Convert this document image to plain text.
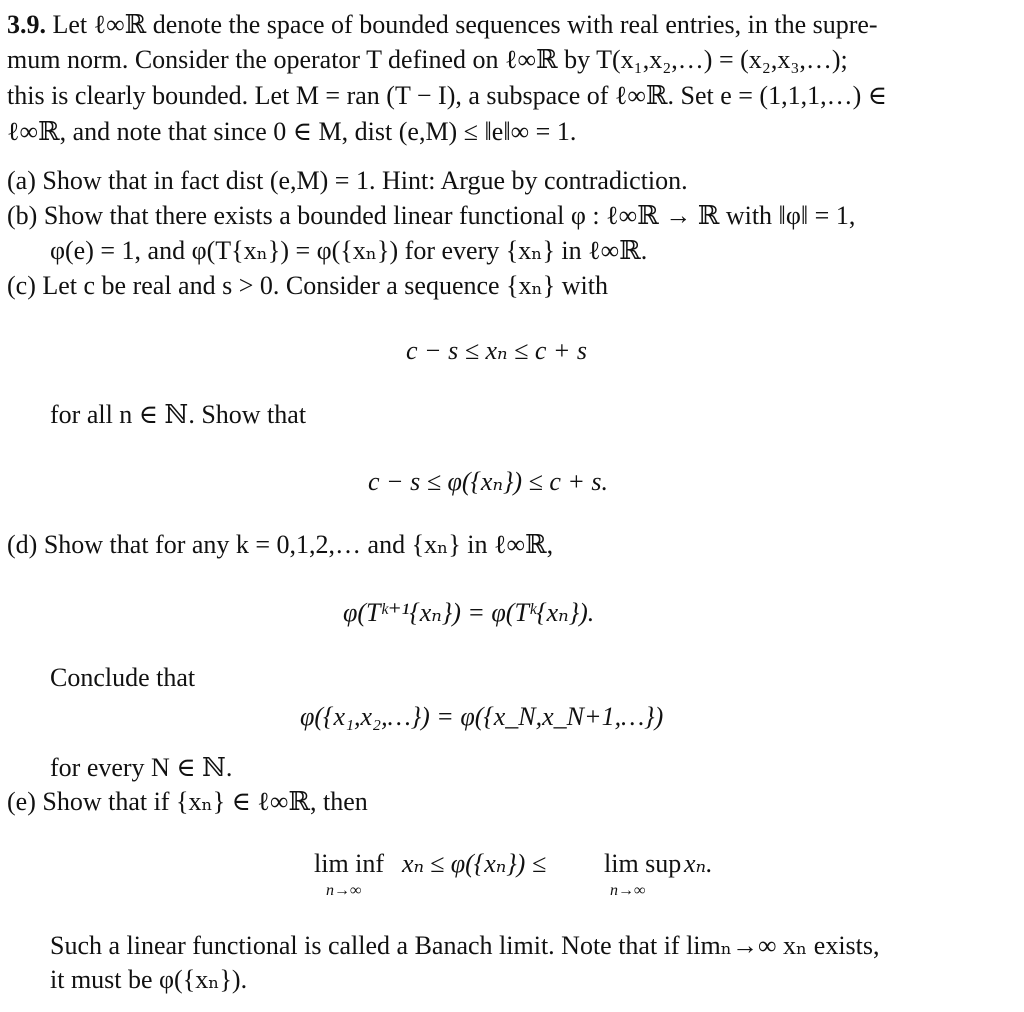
3.9. Let ℓ∞ℝ denote the space of bounded sequences with real entries, in the supre-
mum norm. Consider the operator T defined on ℓ∞ℝ by T(x₁,x₂,…) = (x₂,x₃,…);
this is clearly bounded. Let M = ran (T − I), a subspace of ℓ∞ℝ. Set e = (1,1,1,…) ∈
ℓ∞ℝ, and note that since 0 ∈ M, dist (e,M) ≤ ‖e‖∞ = 1.
(a) Show that in fact dist (e,M) = 1. Hint: Argue by contradiction.
(b) Show that there exists a bounded linear functional φ : ℓ∞ℝ → ℝ with ‖φ‖ = 1,
φ(e) = 1, and φ(T{xₙ}) = φ({xₙ}) for every {xₙ} in ℓ∞ℝ.
(c) Let c be real and s > 0. Consider a sequence {xₙ} with
c − s ≤ xₙ ≤ c + s
for all n ∈ ℕ. Show that
c − s ≤ φ({xₙ}) ≤ c + s.
(d) Show that for any k = 0,1,2,… and {xₙ} in ℓ∞ℝ,
φ(Tᵏ⁺¹{xₙ}) = φ(Tᵏ{xₙ}).
Conclude that
φ({x₁,x₂,…}) = φ({x_N,x_N+1,…})
for every N ∈ ℕ.
(e) Show that if {xₙ} ∈ ℓ∞ℝ, then
lim inf
n→∞
xₙ ≤ φ({xₙ}) ≤ lim sup
n→∞
xₙ.
Such a linear functional is called a Banach limit. Note that if limₙ→∞ xₙ exists,
it must be φ({xₙ}).
